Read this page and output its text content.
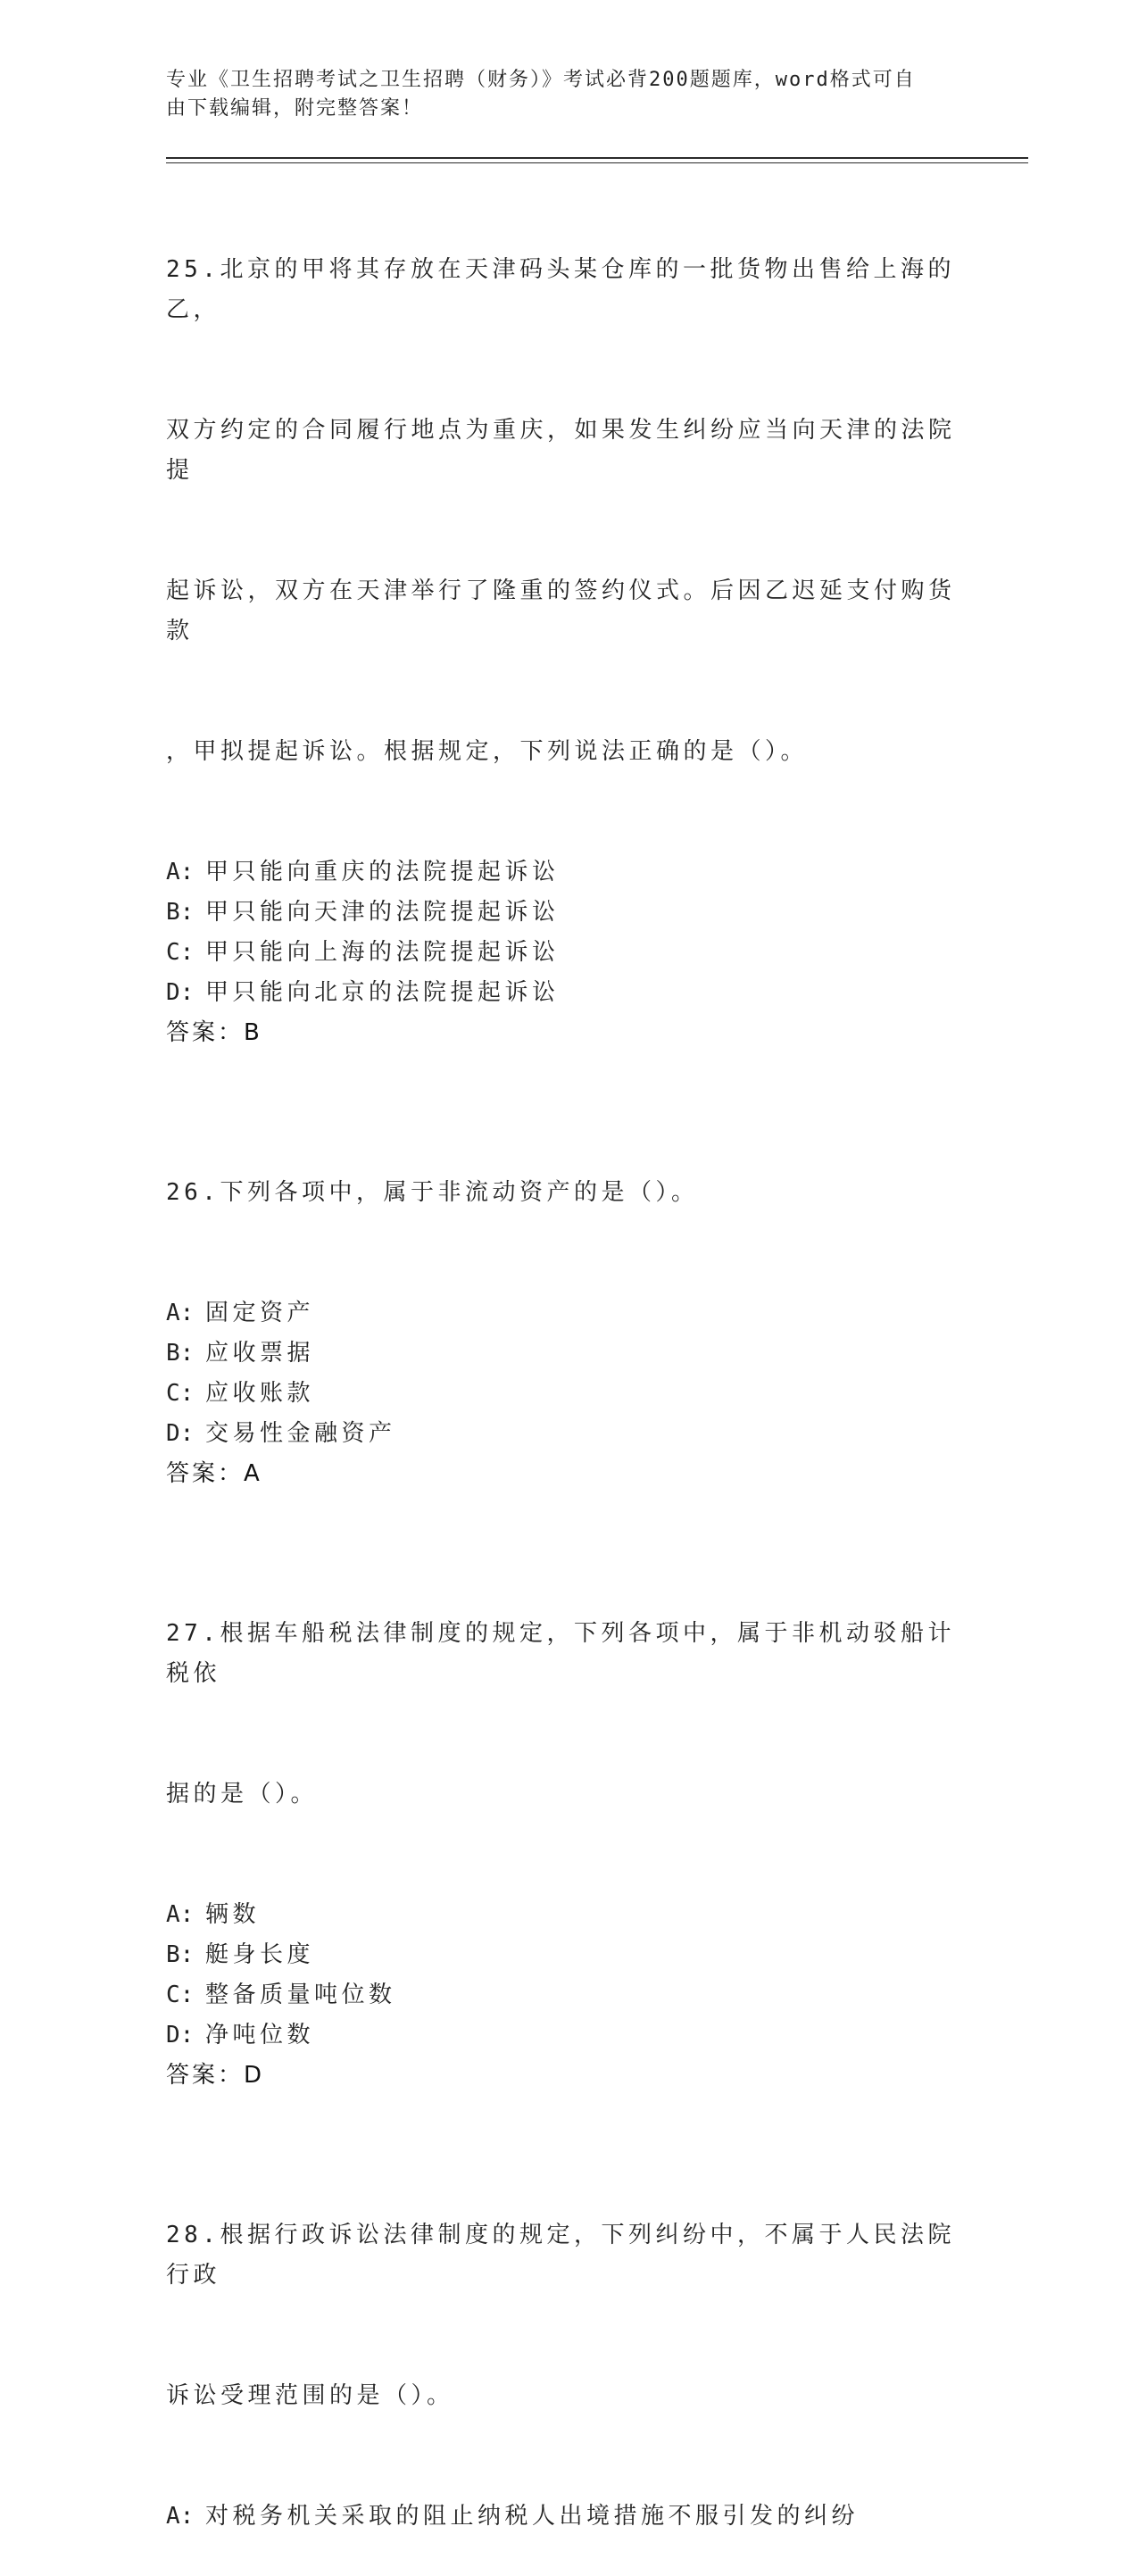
专业《卫生招聘考试之卫生招聘（财务）》考试必背200题题库，word格式可自
由下载编辑，附完整答案！

25.北京的甲将其存放在天津码头某仓库的一批货物出售给上海的乙，

双方约定的合同履行地点为重庆，如果发生纠纷应当向天津的法院提

起诉讼，双方在天津举行了隆重的签约仪式。后因乙迟延支付购货款

，甲拟提起诉讼。根据规定，下列说法正确的是（）。

A: 甲只能向重庆的法院提起诉讼
B: 甲只能向天津的法院提起诉讼
C: 甲只能向上海的法院提起诉讼
D: 甲只能向北京的法院提起诉讼
答案：B

26.下列各项中，属于非流动资产的是（）。

A: 固定资产
B: 应收票据
C: 应收账款
D: 交易性金融资产
答案：A

27.根据车船税法律制度的规定，下列各项中，属于非机动驳船计税依

据的是（）。

A: 辆数
B: 艇身长度
C: 整备质量吨位数
D: 净吨位数
答案：D

28.根据行政诉讼法律制度的规定，下列纠纷中，不属于人民法院行政

诉讼受理范围的是（）。

A: 对税务机关采取的阻止纳税人出境措施不服引发的纠纷
